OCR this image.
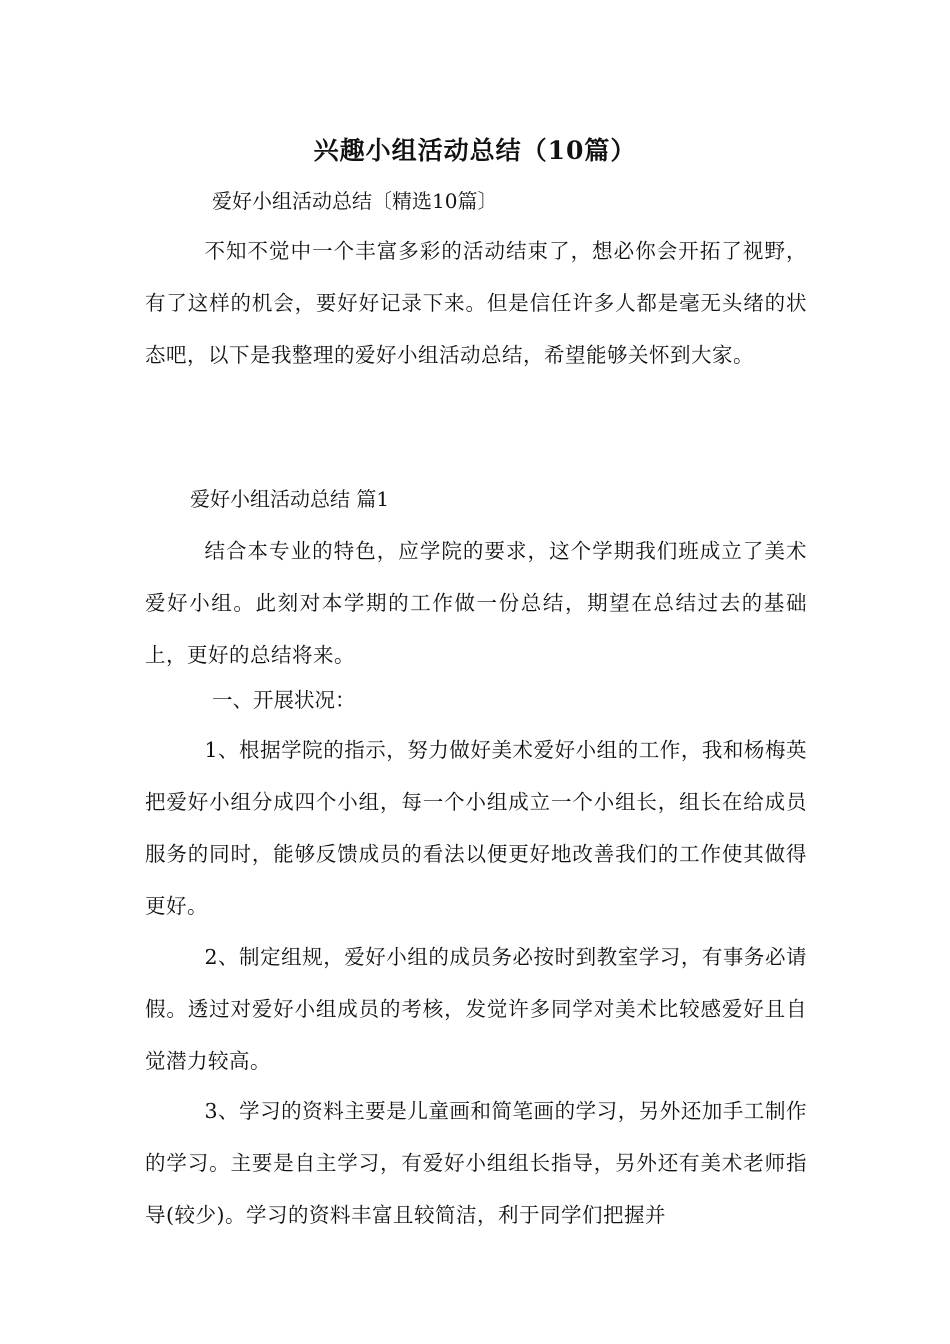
兴趣小组活动总结（10篇）
爱好小组活动总结〔精选10篇〕
不知不觉中一个丰富多彩的活动结束了，想必你会开拓了视野，有了这样的机会，要好好记录下来。但是信任许多人都是毫无头绪的状态吧，以下是我整理的爱好小组活动总结，希望能够关怀到大家。
爱好小组活动总结 篇1
结合本专业的特色，应学院的要求，这个学期我们班成立了美术爱好小组。此刻对本学期的工作做一份总结，期望在总结过去的基础上，更好的总结将来。
一、开展状况：
1、根据学院的指示，努力做好美术爱好小组的工作，我和杨梅英把爱好小组分成四个小组，每一个小组成立一个小组长，组长在给成员服务的同时，能够反馈成员的看法以便更好地改善我们的工作使其做得更好。
2、制定组规，爱好小组的成员务必按时到教室学习，有事务必请假。透过对爱好小组成员的考核，发觉许多同学对美术比较感爱好且自觉潜力较高。
3、学习的资料主要是儿童画和简笔画的学习，另外还加手工制作的学习。主要是自主学习，有爱好小组组长指导，另外还有美术老师指导(较少)。学习的资料丰富且较简洁，利于同学们把握并
